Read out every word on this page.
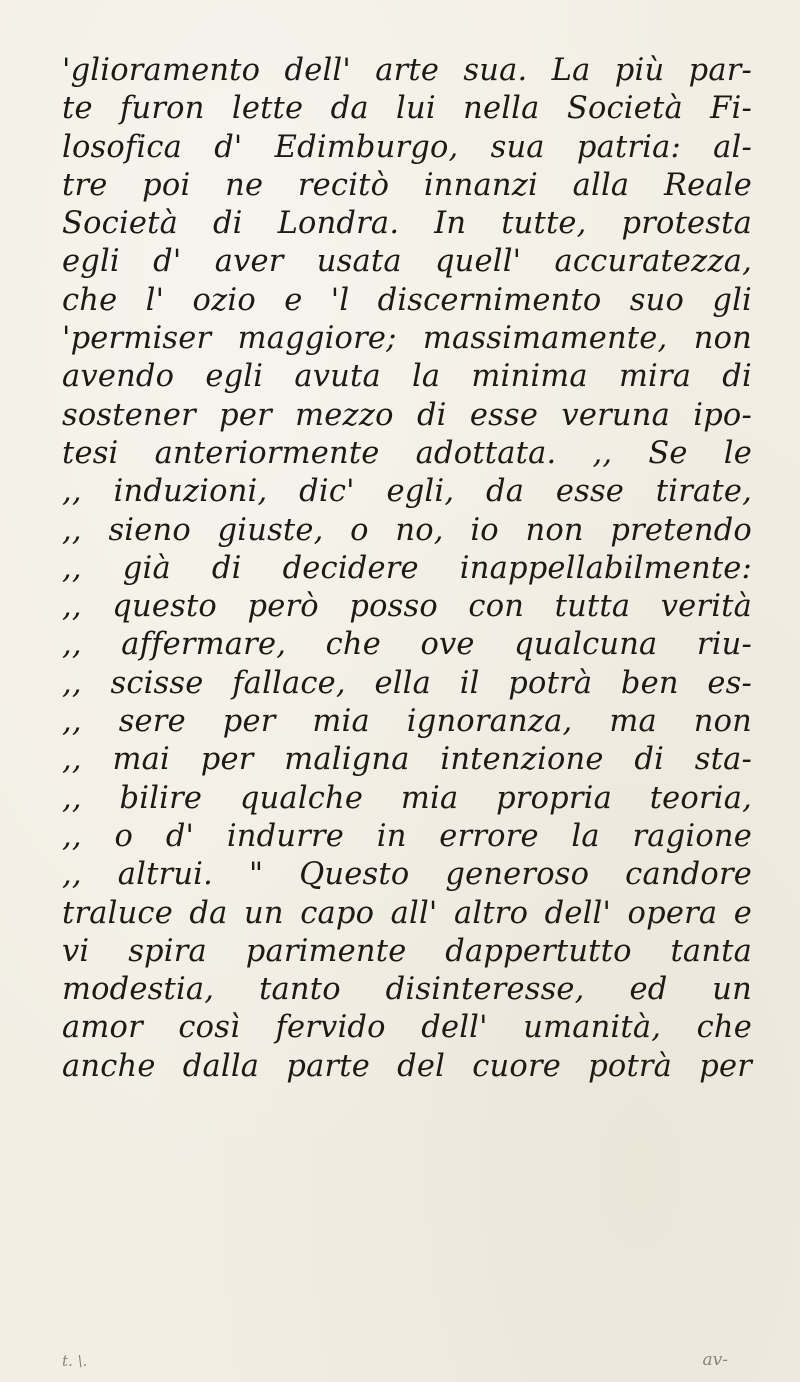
'glioramento dell' arte sua. La più par-
te furon lette da lui nella Società Fi-
losofica d' Edimburgo, sua patria: al-
tre poi ne recitò innanzi alla Reale
Società di Londra. In tutte, protesta
egli d' aver usata quell' accuratezza,
che l' ozio e 'l discernimento suo gli
'permiser maggiore; massimamente, non
avendo egli avuta la minima mira di
sostener per mezzo di esse veruna ipo-
tesi anteriormente adottata. ,, Se le
,, induzioni, dic' egli, da esse tirate,
,, sieno giuste, o no, io non pretendo
,, già di decidere inappellabilmente:
,, questo però posso con tutta verità
,, affermare, che ove qualcuna riu-
,, scisse fallace, ella il potrà ben es-
,, sere per mia ignoranza, ma non
,, mai per maligna intenzione di sta-
,, bilire qualche mia propria teoria,
,, o d' indurre in errore la ragione
,, altrui. " Questo generoso candore
traluce da un capo all' altro dell' opera e
vi spira parimente dappertutto tanta
modestia, tanto disinteresse, ed un
amor così fervido dell' umanità, che
anche dalla parte del cuore potrà per
t. \.	av-
